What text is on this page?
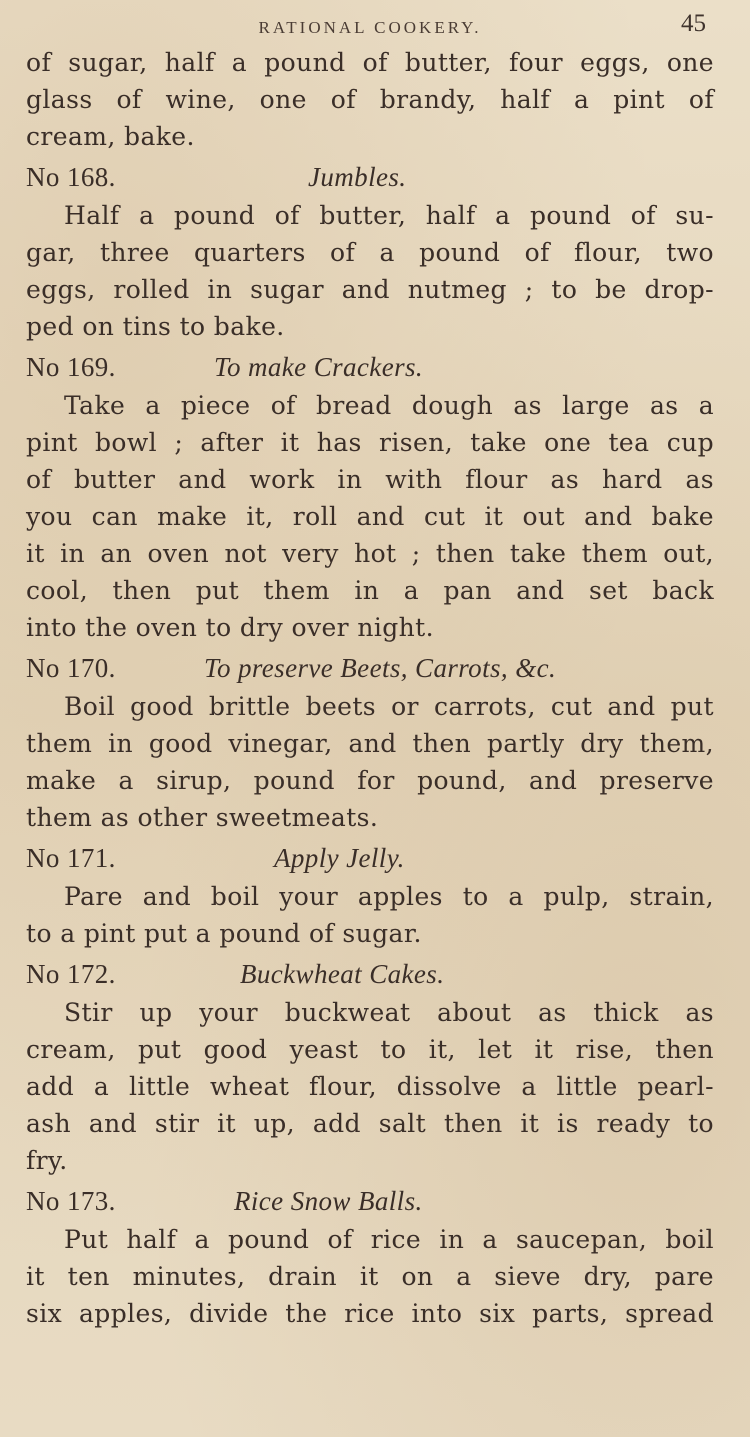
RATIONAL COOKERY.	45
of sugar, half a pound of butter, four eggs, one
glass of wine, one of brandy, half a pint of
cream, bake.
No 168.	Jumbles.
Half a pound of butter, half a pound of su-
gar, three quarters of a pound of flour, two
eggs, rolled in sugar and nutmeg ; to be drop-
ped on tins to bake.
No 169.	To make Crackers.
Take a piece of bread dough as large as a
pint bowl ; after it has risen, take one tea cup
of butter and work in with flour as hard as
you can make it, roll and cut it out and bake
it in an oven not very hot ; then take them out,
cool, then put them in a pan and set back
into the oven to dry over night.
No 170.	To preserve Beets, Carrots, &c.
Boil good brittle beets or carrots, cut and put
them in good vinegar, and then partly dry them,
make a sirup, pound for pound, and preserve
them as other sweetmeats.
No 171.	Apply Jelly.
Pare and boil your apples to a pulp, strain,
to a pint put a pound of sugar.
No 172.	Buckwheat Cakes.
Stir up your buckweat about as thick as
cream, put good yeast to it, let it rise, then
add a little wheat flour, dissolve a little pearl-
ash and stir it up, add salt then it is ready to
fry.
No 173.	Rice Snow Balls.
Put half a pound of rice in a saucepan, boil
it ten minutes, drain it on a sieve dry, pare
six apples, divide the rice into six parts, spread
